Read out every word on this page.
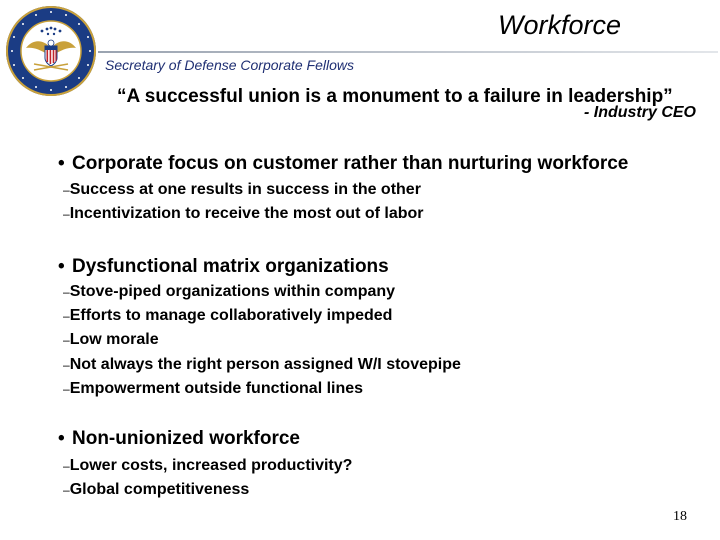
Workforce
Secretary of Defense Corporate Fellows
“A successful union is a monument to a failure in leadership”
- Industry CEO
• Corporate focus on customer rather than nurturing workforce
–Success at one results in success in the other
–Incentivization to receive the most out of labor
• Dysfunctional matrix organizations
–Stove-piped organizations within company
–Efforts to manage collaboratively impeded
–Low morale
–Not always the right person assigned W/I stovepipe
–Empowerment outside functional lines
• Non-unionized workforce
–Lower costs, increased productivity?
–Global competitiveness
18
